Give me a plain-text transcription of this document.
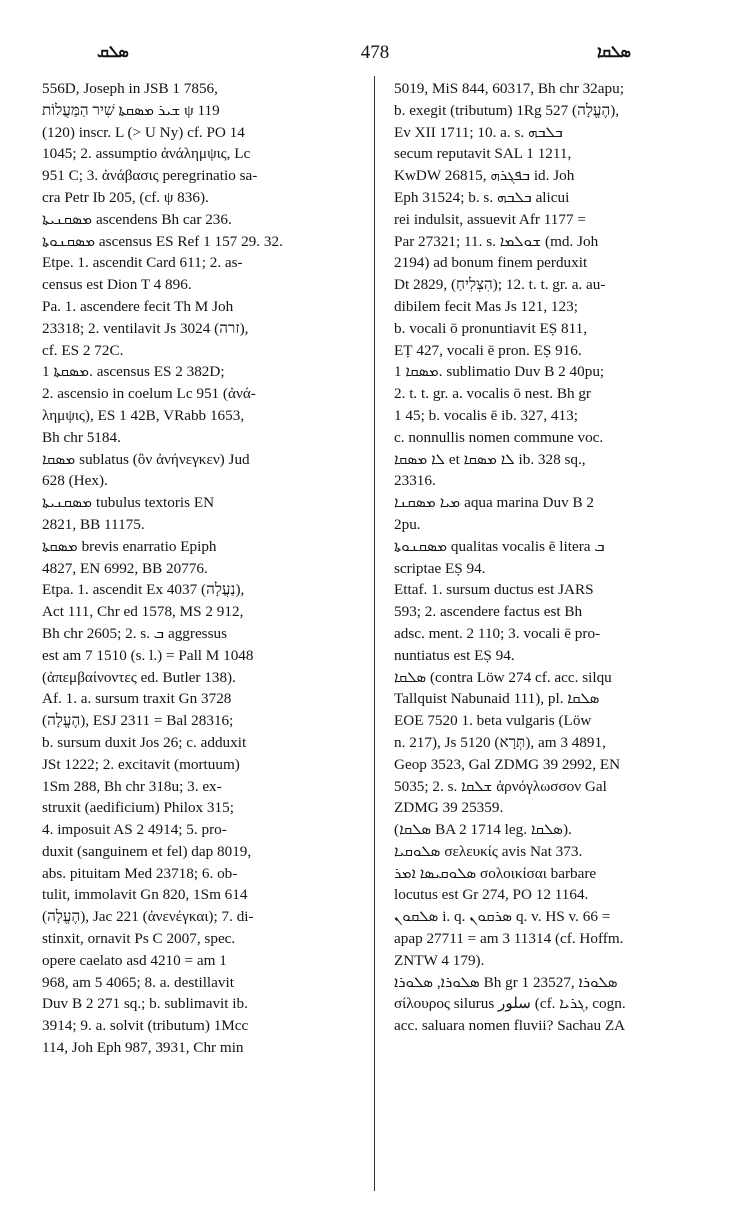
ܣܠܩ	478	ܣܠܩܐ
556D, Joseph in JSB 1 7856,
ܫܝܪ ܡܣܩܬܐ שִׁיר הַמַּעֲלוֹת ψ 119
(120) inscr. L (> U Ny) cf. PO 14
1045; 2. assumptio ἀνάλημψις, Lc
951 C; 3. ἀνάβασις peregrinatio sa-
cra Petr Ib 205, (cf. ψ 836).
ܡܣܩܢܝܬܐ ascendens Bh car 236.
ܡܣܩܢܘܬܐ ascensus ES Ref 1 157 29. 32.
Etpe. 1. ascendit Card 611; 2. as-
census est Dion T 4 896.
Pa. 1. ascendere fecit Th M Joh
23318; 2. ventilavit Js 3024 (זרה),
cf. ES 2 72C.
ܡܣܩܬܐ 1. ascensus ES 2 382D;
2. ascensio in coelum Lc 951 (ἀνά-
λημψις), ES 1 42B, VRabb 1653,
Bh chr 5184.
ܡܣܩܐ sublatus (ὃν ἀνήνεγκεν) Jud
628 (Hex).
ܡܣܩܢܝܬܐ tubulus textoris EN
2821, BB 11175.
ܡܣܩܬܐ brevis enarratio Epiph
4827, EN 6992, BB 20776.
Etpa. 1. ascendit Ex 4037 (נַעֲלָה),
Act 111, Chr ed 1578, MS 2 912,
Bh chr 2605; 2. s. ܒ aggressus
est am 7 1510 (s. l.) = Pall M 1048
(ἀπεμβαίνοντες ed. Butler 138).
Af. 1. a. sursum traxit Gn 3728
(הֶעֱלָה), ESJ 2311 = Bal 28316;
b. sursum duxit Jos 26; c. adduxit
JSt 1222; 2. excitavit (mortuum)
1Sm 288, Bh chr 318u; 3. ex-
struxit (aedificium) Philox 315;
4. imposuit AS 2 4914; 5. pro-
duxit (sanguinem et fel) dap 8019,
abs. pituitam Med 23718; 6. ob-
tulit, immolavit Gn 820, 1Sm 614
(הֶעֱלָה), Jac 221 (ἀνενέγκαι); 7. di-
stinxit, ornavit Ps C 2007, spec.
opere caelato asd 4210 = am 1
968, am 5 4065; 8. a. destillavit
Duv B 2 271 sq.; b. sublimavit ib.
3914; 9. a. solvit (tributum) 1Mcc
114, Joh Eph 987, 3931, Chr min
5019, MiS 844, 60317, Bh chr 32apu;
b. exegit (tributum) 1Rg 527 (הֶעֱלָה),
Ev XII 1711; 10. a. s. ܒܠܒܗ
secum reputavit SAL 1 1211,
KwDW 26815, ܒܦܓܪܗ id. Joh
Eph 31524; b. s. ܒܠܒܗ alicui
rei indulsit, assuevit Afr 1177 =
Par 27321; 11. s. ܫܘܠܡܐ (md. Joh
2194) ad bonum finem perduxit
Dt 2829, (הִצְלִיחַ); 12. t. t. gr. a. au-
dibilem fecit Mas Js 121, 123;
b. vocali ō pronuntiavit EṢ 811,
EṬ 427, vocali ē pron. EṢ 916.
ܡܣܩܐ 1. sublimatio Duv B 2 40pu;
2. t. t. gr. a. vocalis ō nest. Bh gr
1 45; b. vocalis ē ib. 327, 413;
c. nonnullis nomen commune voc.
ܠܐ ܡܣܩܐ et ܠܐ ܡܣܩܐ ib. 328 sq.,
23316.
ܡܝܐ ܡܣܩܢܐ aqua marina Duv B 2
2pu.
ܡܣܩܢܘܬܐ qualitas vocalis ē litera ܒ
scriptae EṢ 94.
Ettaf. 1. sursum ductus est JARS
593; 2. ascendere factus est Bh
adsc. ment. 2 110; 3. vocali ē pro-
nuntiatus est EṢ 94.
ܣܠܩܐ (contra Löw 274 cf. acc. silqu
Tallquist Nabunaid 111), pl. ܣܠܩܐ
EOE 7520 1. beta vulgaris (Löw
n. 217), Js 5120 (תְּרָא), am 3 4891,
Geop 3523, Gal ZDMG 39 2992, EN
5035; 2. s. ܫܠܩܐ ἀρνόγλωσσον Gal
ZDMG 39 25359.
(ܣܠܩܐ BA 2 1714 leg. ܣܠܩܐ).
ܣܠܘܩܝܐ σελευκίς avis Nat 373.
ܣܠܘܩܝܣܐ ܐܡܪ σολοικίσαι barbare
locutus est Gr 274, PO 12 1164.
ܣܠܩܘܢ i. q. ܣܪܩܘܢ q. v. HS v. 66 =
apap 27711 = am 3 11314 (cf. Hoffm.
ZNTW 4 179).
ܣܠܘܪܐ, ܣܠܘܪܐ Bh gr 1 23527, ܣܠܘܪܐ
σίλουρος silurus سلور (cf. ܓܪܝܐ, cogn.
acc. saluara nomen fluvii? Sachau ZA
